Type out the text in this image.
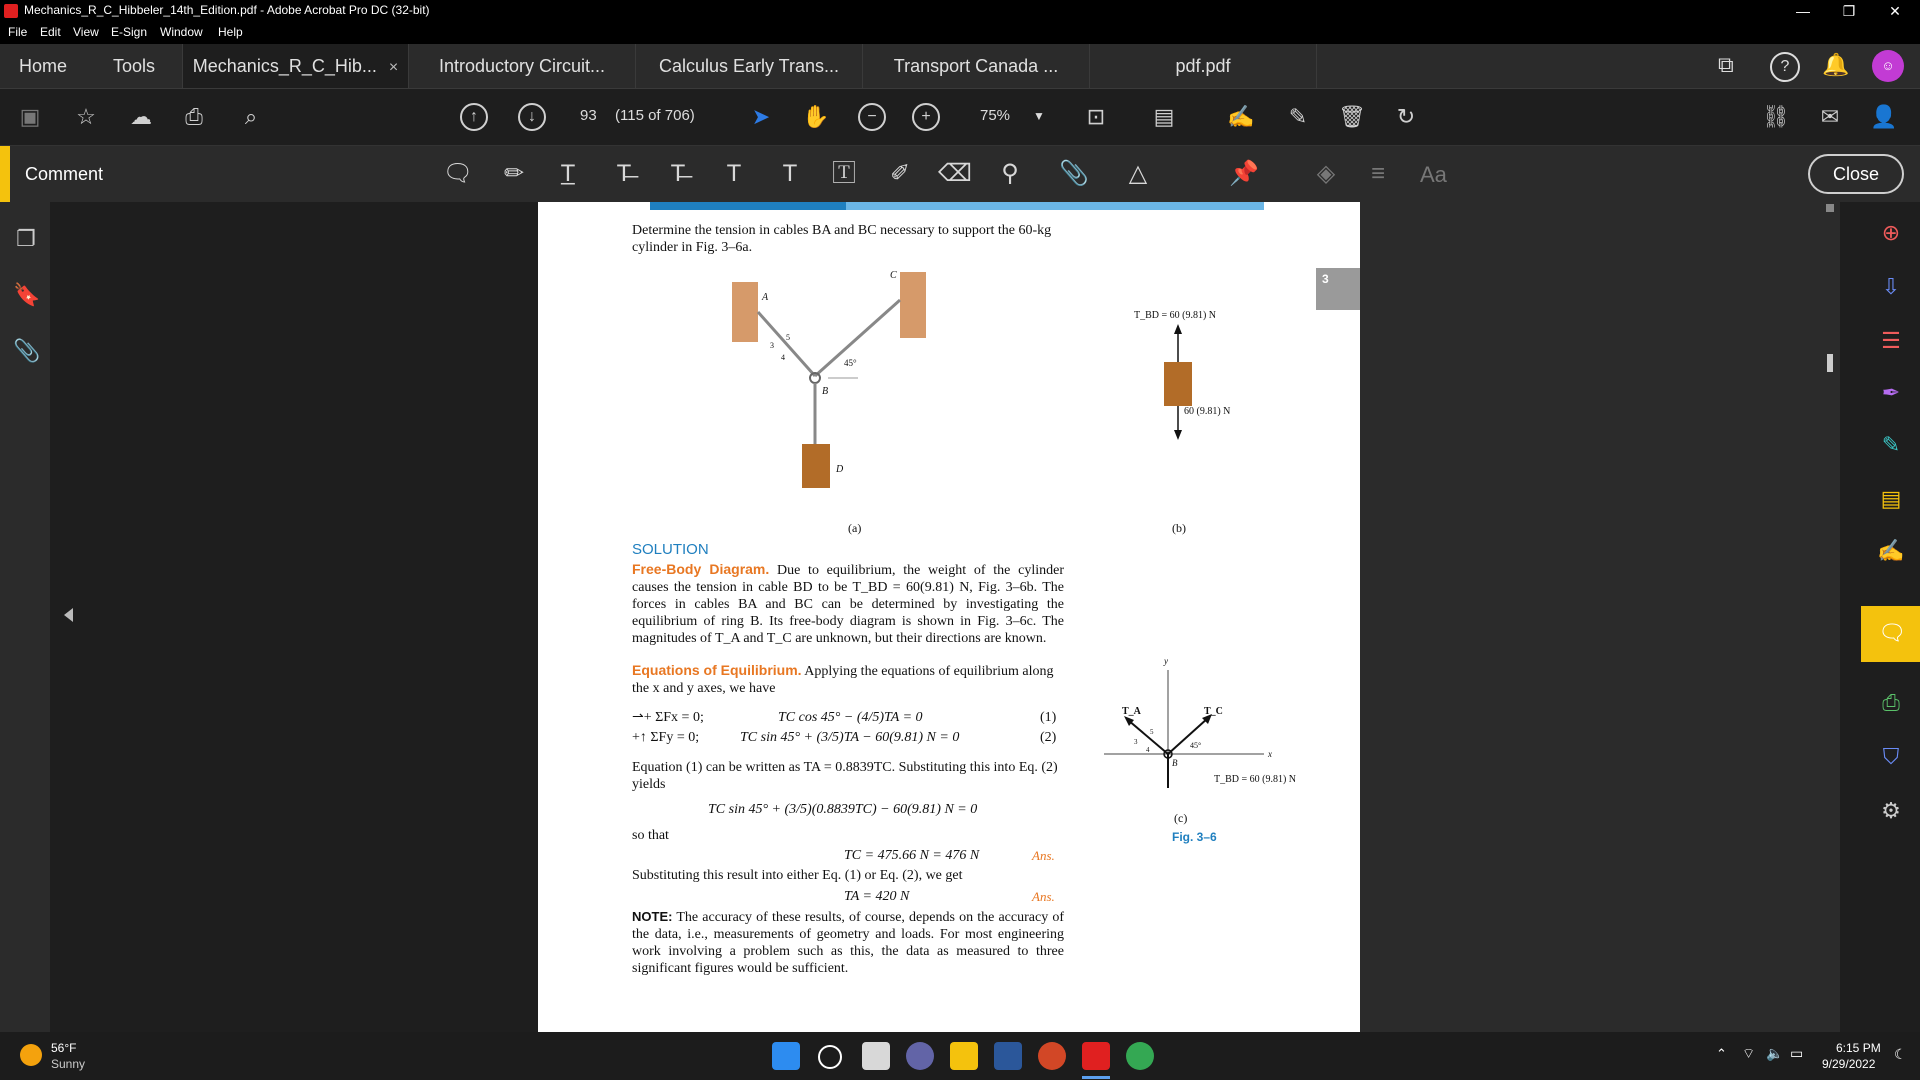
Mechanics_R_C_Hibbeler_14th_Edition.pdf - Adobe Acrobat Pro DC (32-bit)	—	❐	✕
File Edit View E-Sign Window Help
Home	Tools	Mechanics_R_C_Hib... ×	Introductory Circuit...	Calculus Early Trans...	Transport Canada ...	pdf.pdf	⧉	?	🔔	☺
▣ ☆ ☁	⎙	⌕	↑	↓	93 (115 of 706)	➤	✋	−	+	75% ▼	⊡	▤ ✍	✎	🗑	↻	⛓	✉	👤
Comment	🗨 ✏	T̲	T̶	T̶	T	T	🅃 ✐ ⌫	⚲	📎 △	📌 ◈	≡	Aa	Close
❐
🔖
📎
Determine the tension in cables BA and BC necessary to support the 60-kg cylinder in Fig. 3–6a.
A
C
B
D
45°
5
3
4
(a)
T_BD = 60 (9.81) N
60 (9.81) N
(b)
3
SOLUTION
Free-Body Diagram. Due to equilibrium, the weight of the cylinder causes the tension in cable BD to be T_BD = 60(9.81) N, Fig. 3–6b. The forces in cables BA and BC can be determined by investigating the equilibrium of ring B. Its free-body diagram is shown in Fig. 3–6c. The magnitudes of T_A and T_C are unknown, but their directions are known.
Equations of Equilibrium. Applying the equations of equilibrium along the x and y axes, we have
⇀+ ΣFx = 0;	TC cos 45° − (4/5)TA = 0	(1)
+↑ ΣFy = 0;	TC sin 45° + (3/5)TA − 60(9.81) N = 0	(2)
Equation (1) can be written as TA = 0.8839TC. Substituting this into Eq. (2) yields
TC sin 45° + (3/5)(0.8839TC) − 60(9.81) N = 0
so that
TC = 475.66 N = 476 N	Ans.
Substituting this result into either Eq. (1) or Eq. (2), we get
TA = 420 N	Ans.
NOTE: The accuracy of these results, of course, depends on the accuracy of the data, i.e., measurements of geometry and loads. For most engineering work involving a problem such as this, the data as measured to three significant figures would be sufficient.
T_A	T_C
B
x
y
45°
5
3
4
T_BD = 60 (9.81) N
(c)
Fig. 3–6
⊕
⇩
☰
✒
✎
▤
✍
🗨
⎙
⛉
⚙
56°F
Sunny
⌃ ⌔ 🔈 ▭	6:15 PM
9/29/2022
☾
